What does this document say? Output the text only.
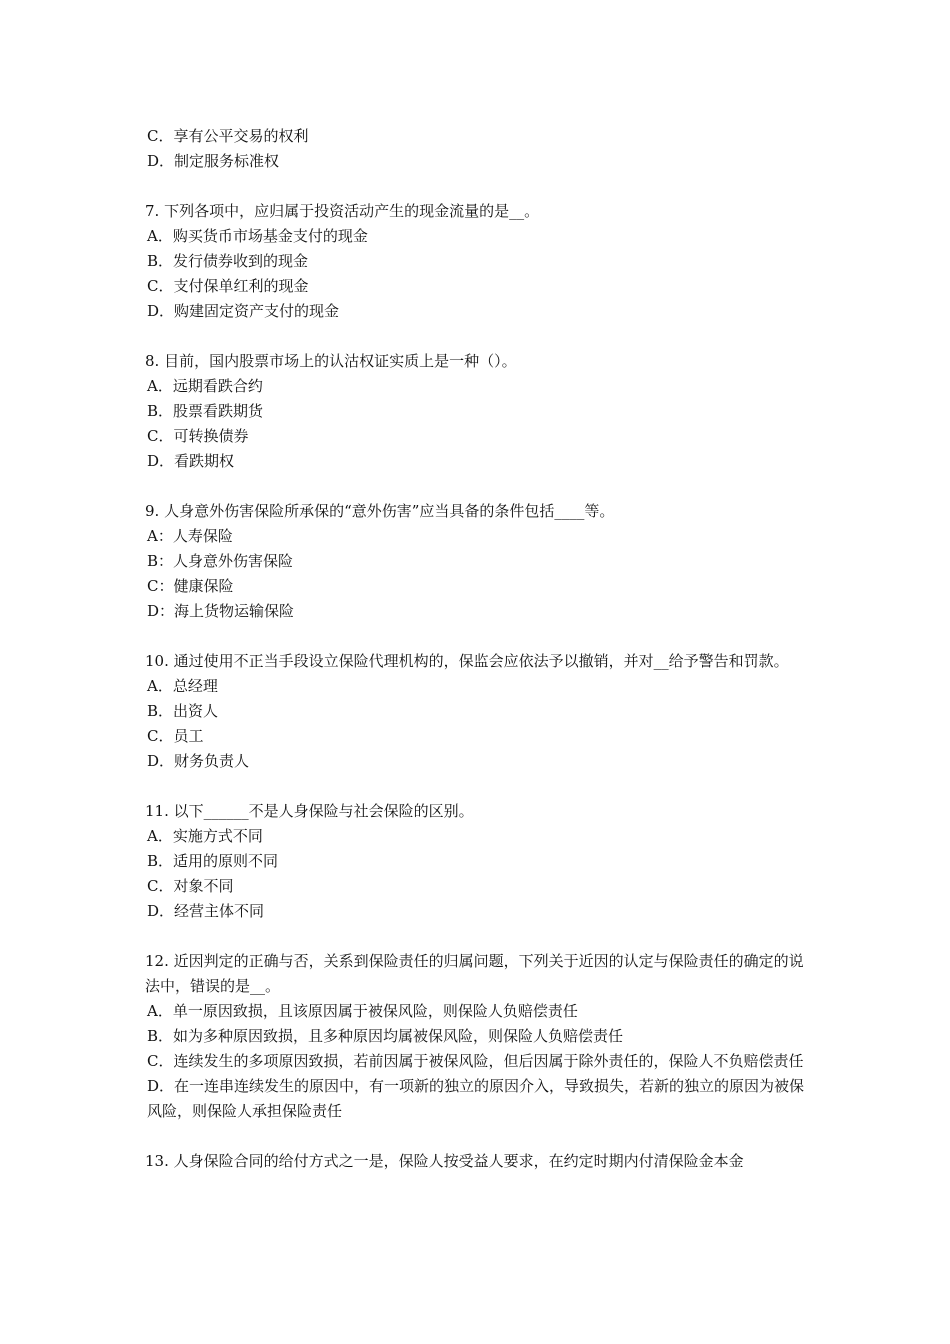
C．享有公平交易的权利
D．制定服务标准权
7. 下列各项中，应归属于投资活动产生的现金流量的是__。
A．购买货币市场基金支付的现金
B．发行债券收到的现金
C．支付保单红利的现金
D．购建固定资产支付的现金
8. 目前，国内股票市场上的认沽权证实质上是一种（）。
A．远期看跌合约
B．股票看跌期货
C．可转换债券
D．看跌期权
9. 人身意外伤害保险所承保的“意外伤害”应当具备的条件包括____等。
A：人寿保险
B：人身意外伤害保险
C：健康保险
D：海上货物运输保险
10. 通过使用不正当手段设立保险代理机构的，保监会应依法予以撤销，并对__给予警告和罚款。
A．总经理
B．出资人
C．员工
D．财务负责人
11. 以下______不是人身保险与社会保险的区别。
A．实施方式不同
B．适用的原则不同
C．对象不同
D．经营主体不同
12. 近因判定的正确与否，关系到保险责任的归属问题，下列关于近因的认定与保险责任的确定的说法中，错误的是__。
A．单一原因致损，且该原因属于被保风险，则保险人负赔偿责任
B．如为多种原因致损，且多种原因均属被保风险，则保险人负赔偿责任
C．连续发生的多项原因致损，若前因属于被保风险，但后因属于除外责任的，保险人不负赔偿责任
D．在一连串连续发生的原因中，有一项新的独立的原因介入，导致损失，若新的独立的原因为被保风险，则保险人承担保险责任
13. 人身保险合同的给付方式之一是，保险人按受益人要求，在约定时期内付清保险金本金
